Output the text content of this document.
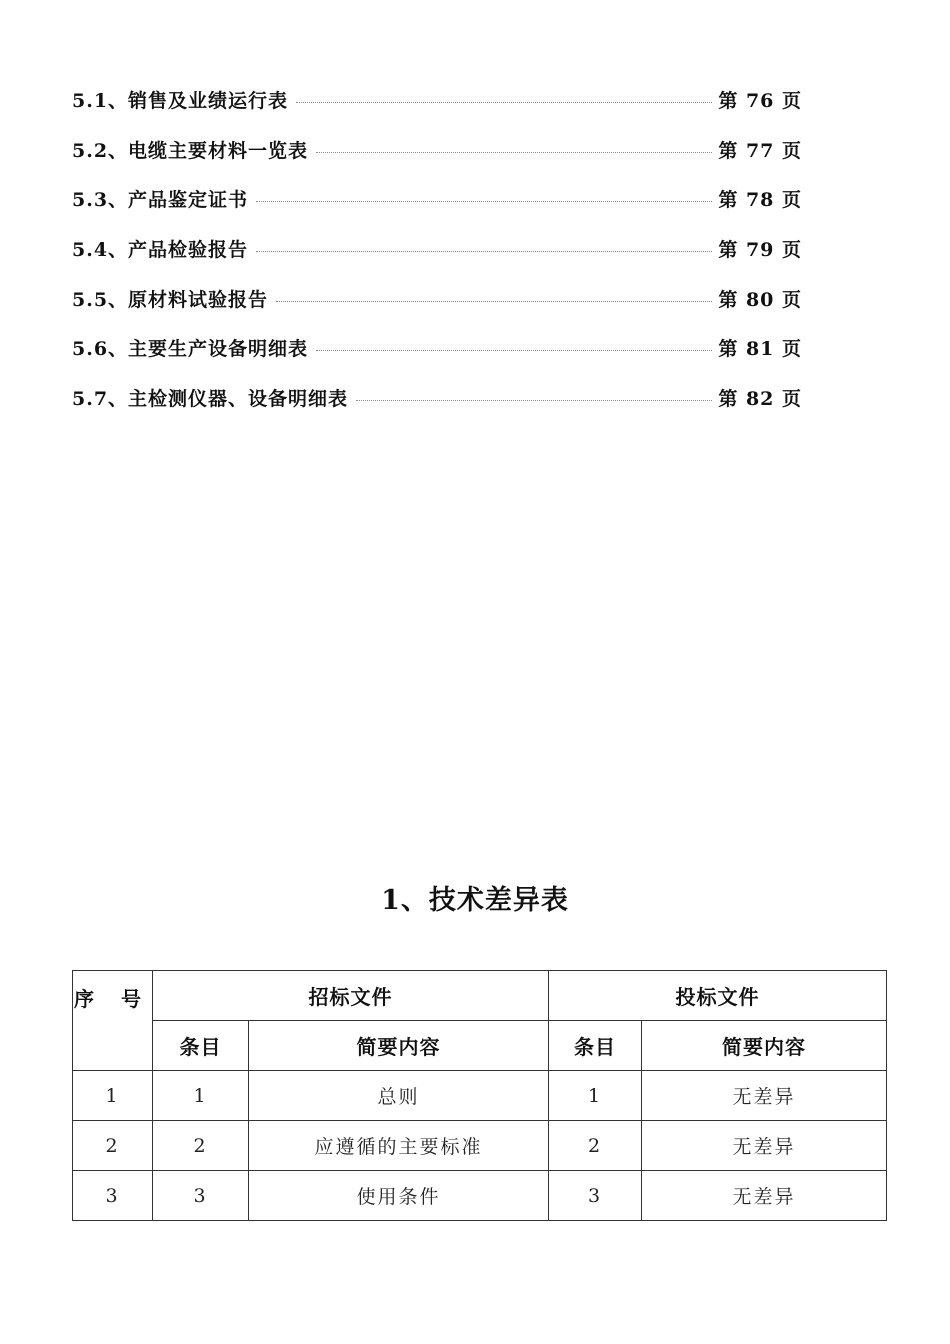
5.1、销售及业绩运行表	第 76 页
5.2、电缆主要材料一览表	第 77 页
5.3、产品鉴定证书	第 78 页
5.4、产品检验报告	第 79 页
5.5、原材料试验报告	第 80 页
5.6、主要生产设备明细表	第 81 页
5.7、主检测仪器、设备明细表	第 82 页
1、技术差异表
序 号	招标文件		投标文件	
	条目	简要内容	条目	简要内容
1	1	总则	1	无差异
2	2	应遵循的主要标准	2	无差异
3	3	使用条件	3	无差异
